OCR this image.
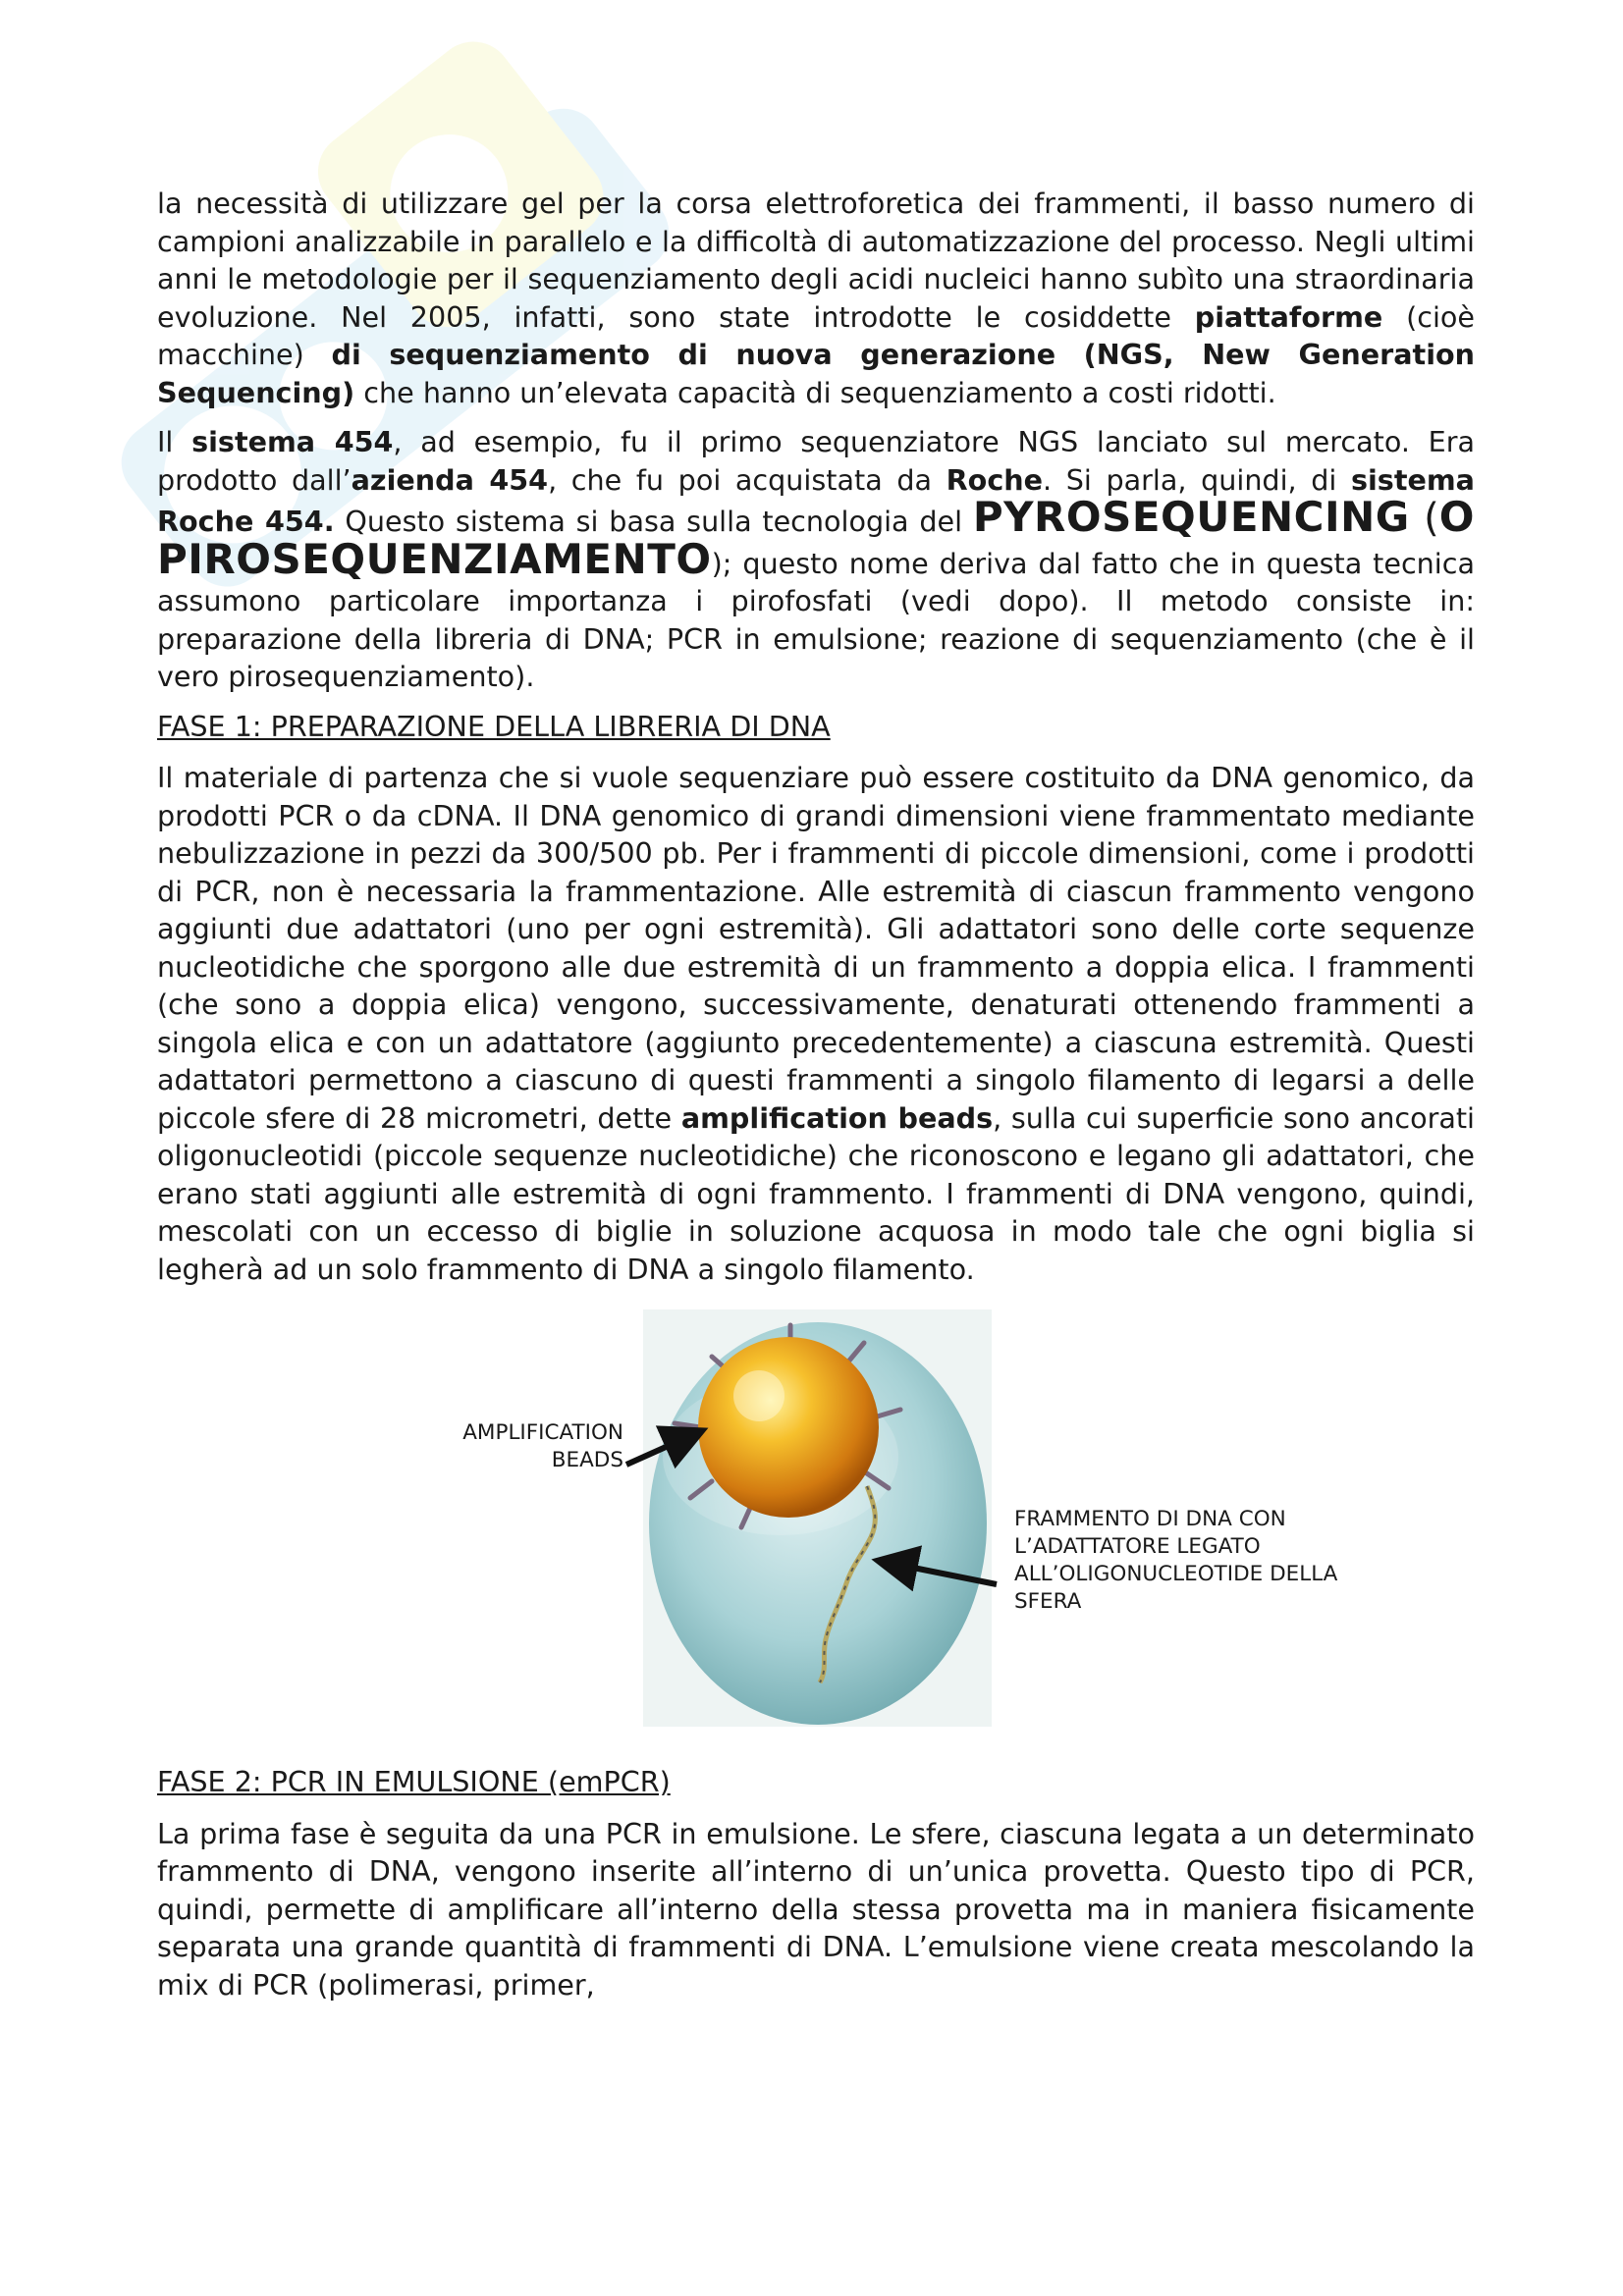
la necessità di utilizzare gel per la corsa elettroforetica dei frammenti, il basso numero di campioni analizzabile in parallelo e la difficoltà di automatizzazione del processo. Negli ultimi anni le metodologie per il sequenziamento degli acidi nucleici hanno subìto una straordinaria evoluzione. Nel 2005, infatti, sono state introdotte le cosiddette piattaforme (cioè macchine) di sequenziamento di nuova generazione (NGS, New Generation Sequencing) che hanno un’elevata capacità di sequenziamento a costi ridotti.

Il sistema 454, ad esempio, fu il primo sequenziatore NGS lanciato sul mercato. Era prodotto dall’azienda 454, che fu poi acquistata da Roche. Si parla, quindi, di sistema Roche 454. Questo sistema si basa sulla tecnologia del PYROSEQUENCING (O PIROSEQUENZIAMENTO); questo nome deriva dal fatto che in questa tecnica assumono particolare importanza i pirofosfati (vedi dopo). Il metodo consiste in: preparazione della libreria di DNA; PCR in emulsione; reazione di sequenziamento (che è il vero pirosequenziamento).

FASE 1: PREPARAZIONE DELLA LIBRERIA DI DNA

Il materiale di partenza che si vuole sequenziare può essere costituito da DNA genomico, da prodotti PCR o da cDNA. Il DNA genomico di grandi dimensioni viene frammentato mediante nebulizzazione in pezzi da 300/500 pb. Per i frammenti di piccole dimensioni, come i prodotti di PCR, non è necessaria la frammentazione. Alle estremità di ciascun frammento vengono aggiunti due adattatori (uno per ogni estremità). Gli adattatori sono delle corte sequenze nucleotidiche che sporgono alle due estremità di un frammento a doppia elica. I frammenti (che sono a doppia elica) vengono, successivamente, denaturati ottenendo frammenti a singola elica e con un adattatore (aggiunto precedentemente) a ciascuna estremità. Questi adattatori permettono a ciascuno di questi frammenti a singolo filamento di legarsi a delle piccole sfere di 28 micrometri, dette amplification beads, sulla cui superficie sono ancorati oligonucleotidi (piccole sequenze nucleotidiche) che riconoscono e legano gli adattatori, che erano stati aggiunti alle estremità di ogni frammento. I frammenti di DNA vengono, quindi, mescolati con un eccesso di biglie in soluzione acquosa in modo tale che ogni biglia si legherà ad un solo frammento di DNA a singolo filamento.

AMPLIFICATION
BEADS
FRAMMENTO DI DNA CON
L’ADATTATORE LEGATO
ALL’OLIGONUCLEOTIDE DELLA
SFERA

FASE 2: PCR IN EMULSIONE (emPCR)

La prima fase è seguita da una PCR in emulsione. Le sfere, ciascuna legata a un determinato frammento di DNA, vengono inserite all’interno di un’unica provetta. Questo tipo di PCR, quindi, permette di amplificare all’interno della stessa provetta ma in maniera fisicamente separata una grande quantità di frammenti di DNA. L’emulsione viene creata mescolando la mix di PCR (polimerasi, primer,
